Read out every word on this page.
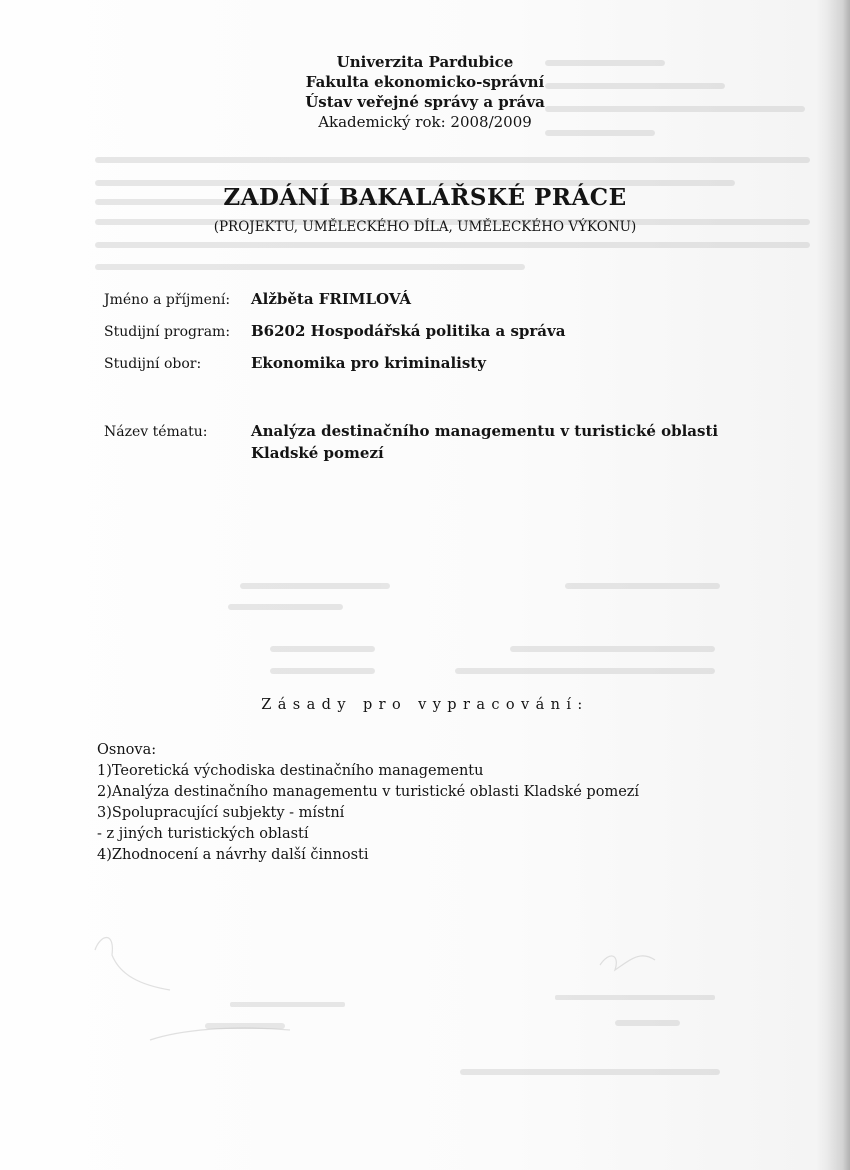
Univerzita Pardubice
Fakulta ekonomicko-správní
Ústav veřejné správy a práva
Akademický rok: 2008/2009
ZADÁNÍ BAKALÁŘSKÉ PRÁCE
(PROJEKTU, UMĚLECKÉHO DÍLA, UMĚLECKÉHO VÝKONU)
Jméno a příjmení: Alžběta FRIMLOVÁ
Studijní program: B6202 Hospodářská politika a správa
Studijní obor:	Ekonomika pro kriminalisty
Název tématu:	Analýza destinačního managementu v turistické oblasti Kladské pomezí
Zásady pro vypracování:
Osnova:
1)Teoretická východiska destinačního managementu
2)Analýza destinačního managementu v turistické oblasti Kladské pomezí
3)Spolupracující subjekty - místní
- z jiných turistických oblastí
4)Zhodnocení a návrhy další činnosti
